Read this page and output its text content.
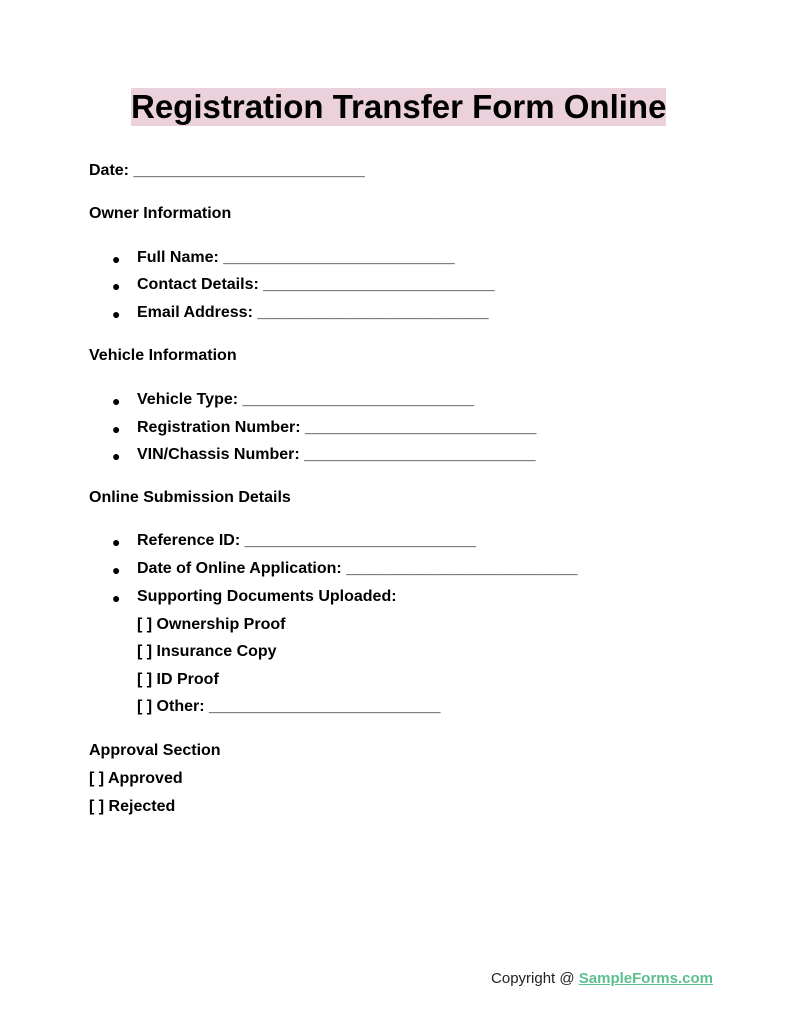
Registration Transfer Form Online
Date: __________________________
Owner Information
● Full Name: __________________________
● Contact Details: __________________________
● Email Address: __________________________
Vehicle Information
● Vehicle Type: __________________________
● Registration Number: __________________________
● VIN/Chassis Number: __________________________
Online Submission Details
● Reference ID: __________________________
● Date of Online Application: __________________________
● Supporting Documents Uploaded:
[ ] Ownership Proof
[ ] Insurance Copy
[ ] ID Proof
[ ] Other: __________________________
Approval Section
[ ] Approved
[ ] Rejected
Copyright @ SampleForms.com
